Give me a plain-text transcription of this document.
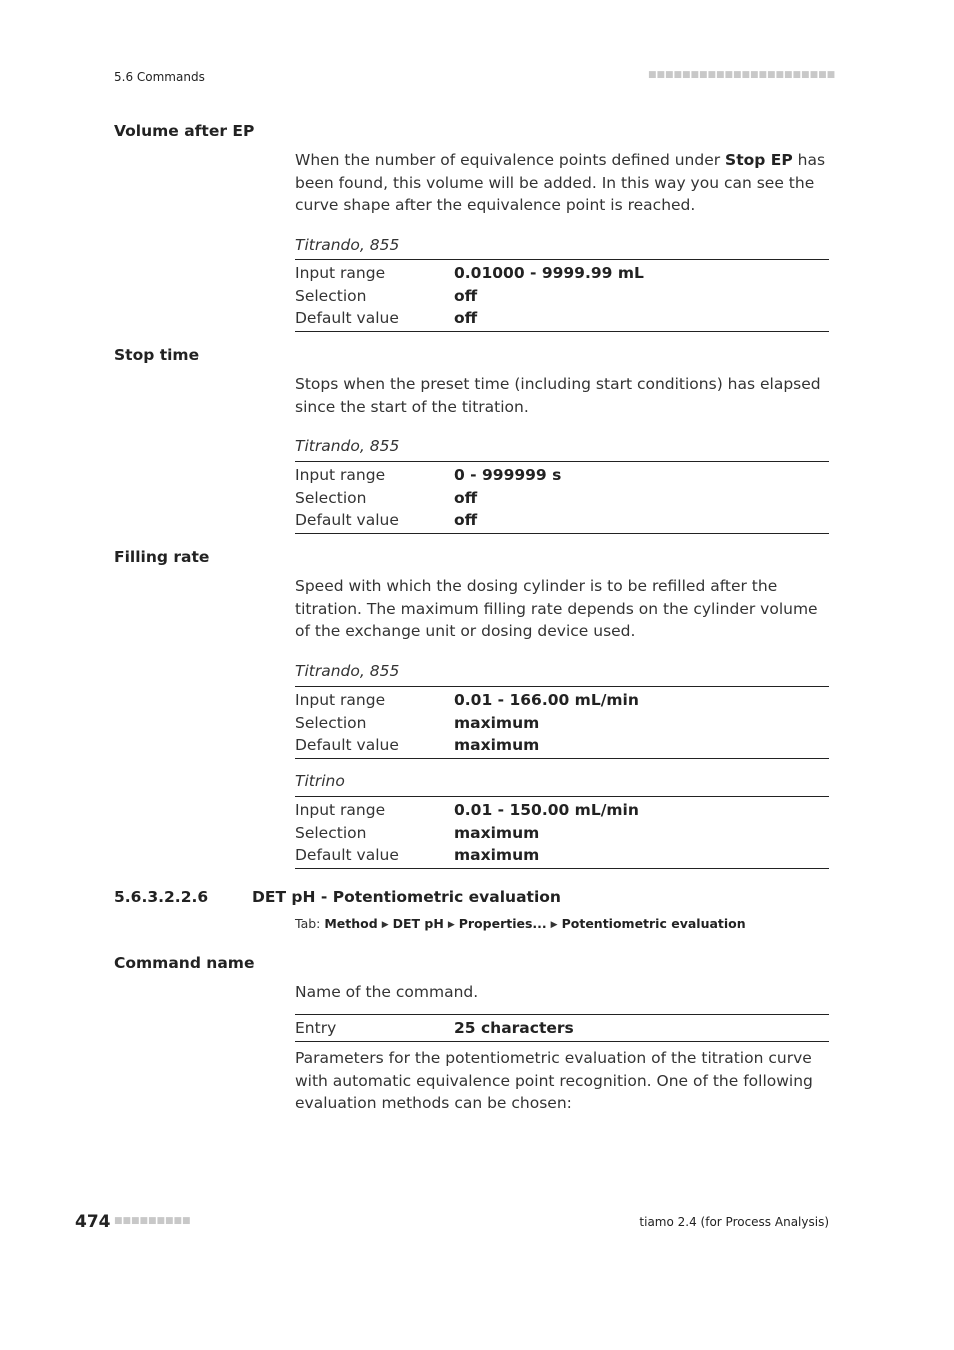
5.6 Commands	■■■■■■■■■■■■■■■■■■■■■■
Volume after EP
When the number of equivalence points defined under Stop EP has been found, this volume will be added. In this way you can see the curve shape after the equivalence point is reached.
Titrando, 855
Input range	0.01000 - 9999.99 mL
Selection	off
Default value	off
Stop time
Stops when the preset time (including start conditions) has elapsed since the start of the titration.
Titrando, 855
Input range	0 - 999999 s
Selection	off
Default value	off
Filling rate
Speed with which the dosing cylinder is to be refilled after the titration. The maximum filling rate depends on the cylinder volume of the exchange unit or dosing device used.
Titrando, 855
Input range	0.01 - 166.00 mL/min
Selection	maximum
Default value	maximum
Titrino
Input range	0.01 - 150.00 mL/min
Selection	maximum
Default value	maximum
5.6.3.2.2.6	DET pH - Potentiometric evaluation
Tab: Method ▶ DET pH ▶ Properties... ▶ Potentiometric evaluation
Command name
Name of the command.
Entry	25 characters
Parameters for the potentiometric evaluation of the titration curve with automatic equivalence point recognition. One of the following evaluation methods can be chosen:
474 ■■■■■■■■■	tiamo 2.4 (for Process Analysis)
